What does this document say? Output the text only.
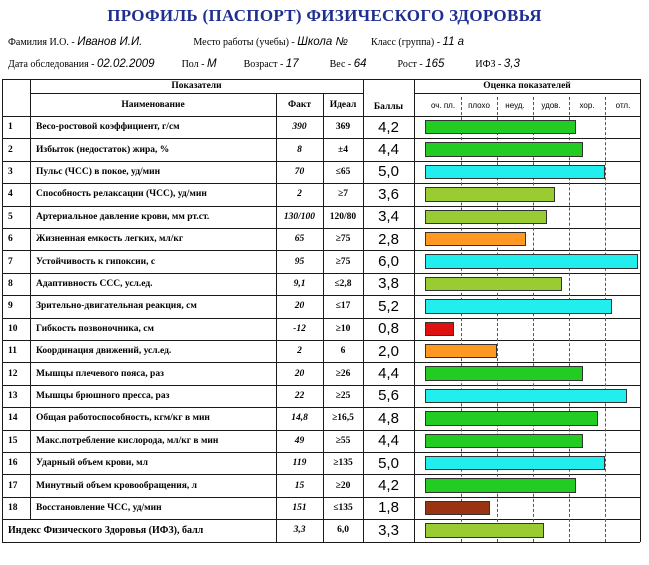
ПРОФИЛЬ (ПАСПОРТ) ФИЗИЧЕСКОГО ЗДОРОВЬЯ
Фамилия И.О. - Иванов И.И.	Место работы (учебы) - Школа № Класс (группа) - 11 а
Дата обследования - 02.02.2009	Пол - М	Возраст - 17	Вес - 64	Рост - 165	ИФЗ - 3,3
Показатели	Оценка показателей
Наименование	Факт	Идеал	Баллы	оч. пл.	плохо	неуд.	удов.	хор.	отл.
1	Весо-ростовой коэффициент, г/см	390	369	4,2
2	Избыток (недостаток) жира, %	8	±4	4,4
3	Пульс (ЧСС) в покое, уд/мин	70	≤65	5,0
4	Способность релаксации (ЧСС), уд/мин	2	≥7	3,6
5	Артериальное давление крови, мм рт.ст.	130/100	120/80	3,4
6	Жизненная емкость легких, мл/кг	65	≥75	2,8
7	Устойчивость к гипоксии, с	95	≥75	6,0
8	Адаптивность ССС, усл.ед.	9,1	≤2,8	3,8
9	Зрительно-двигательная реакция, см	20	≤17	5,2
10	Гибкость позвоночника, см	-12	≥10	0,8
11	Координация движений, усл.ед.	2	6	2,0
12	Мышцы плечевого пояса, раз	20	≥26	4,4
13	Мышцы брюшного пресса, раз	22	≥25	5,6
14	Общая работоспособность, кгм/кг в мин	14,8	≥16,5	4,8
15	Макс.потребление кислорода, мл/кг в мин	49	≥55	4,4
16	Ударный объем крови, мл	119	≥135	5,0
17	Минутный объем кровообращения, л	15	≥20	4,2
18	Восстановление ЧСС, уд/мин	151	≤135	1,8
Индекс Физического Здоровья (ИФЗ), балл	3,3	6,0	3,3
